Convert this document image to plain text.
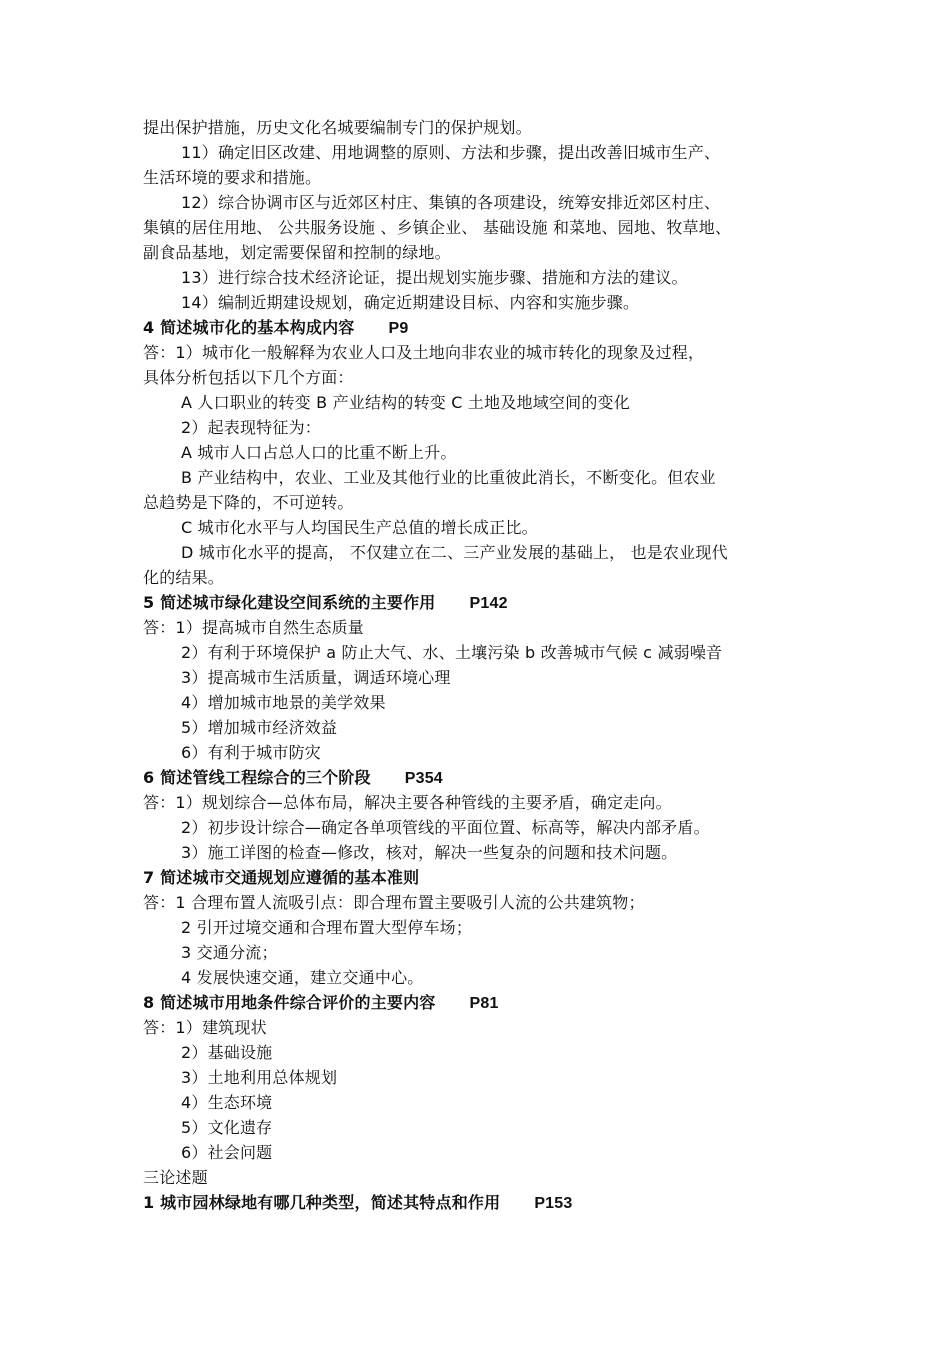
提出保护措施，历史文化名城要编制专门的保护规划。
11）确定旧区改建、用地调整的原则、方法和步骤，提出改善旧城市生产、
生活环境的要求和措施。
12）综合协调市区与近郊区村庄、集镇的各项建设，统筹安排近郊区村庄、
集镇的居住用地、 公共服务设施 、乡镇企业、 基础设施 和菜地、园地、牧草地、
副食品基地，划定需要保留和控制的绿地。
13）进行综合技术经济论证，提出规划实施步骤、措施和方法的建议。
14）编制近期建设规划，确定近期建设目标、内容和实施步骤。
4 简述城市化的基本构成内容 P9
答：1）城市化一般解释为农业人口及土地向非农业的城市转化的现象及过程，
具体分析包括以下几个方面：
A 人口职业的转变 B 产业结构的转变 C 土地及地域空间的变化
2）起表现特征为：
A 城市人口占总人口的比重不断上升。
B 产业结构中，农业、工业及其他行业的比重彼此消长，不断变化。但农业
总趋势是下降的，不可逆转。
C 城市化水平与人均国民生产总值的增长成正比。
D 城市化水平的提高， 不仅建立在二、三产业发展的基础上， 也是农业现代
化的结果。
5 简述城市绿化建设空间系统的主要作用 P142
答：1）提高城市自然生态质量
2）有利于环境保护 a 防止大气、水、土壤污染 b 改善城市气候 c 减弱噪音
3）提高城市生活质量，调适环境心理
4）增加城市地景的美学效果
5）增加城市经济效益
6）有利于城市防灾
6 简述管线工程综合的三个阶段 P354
答：1）规划综合—总体布局，解决主要各种管线的主要矛盾，确定走向。
2）初步设计综合—确定各单项管线的平面位置、标高等，解决内部矛盾。
3）施工详图的检查—修改，核对，解决一些复杂的问题和技术问题。
7 简述城市交通规划应遵循的基本准则
答：1 合理布置人流吸引点：即合理布置主要吸引人流的公共建筑物；
2 引开过境交通和合理布置大型停车场；
3 交通分流；
4 发展快速交通，建立交通中心。
8 简述城市用地条件综合评价的主要内容 P81
答：1）建筑现状
2）基础设施
3）土地利用总体规划
4）生态环境
5）文化遗存
6）社会问题
三论述题
1 城市园林绿地有哪几种类型，简述其特点和作用 P153
